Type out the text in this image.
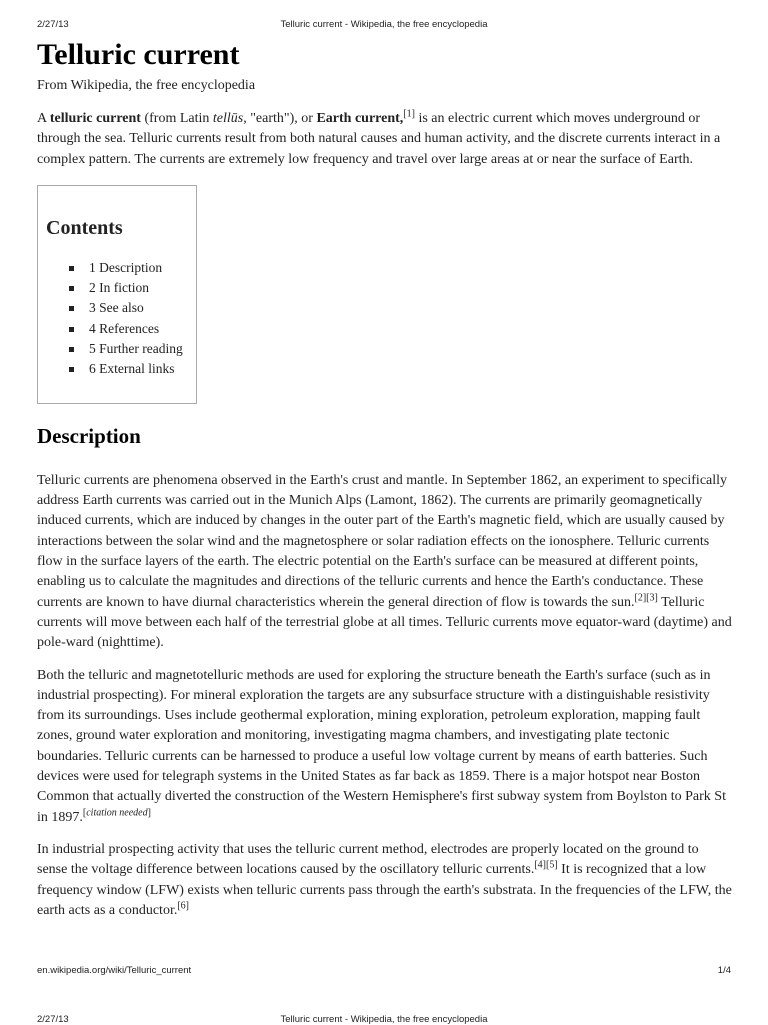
2/27/13	Telluric current - Wikipedia, the free encyclopedia
Telluric current
From Wikipedia, the free encyclopedia

A telluric current (from Latin tellūs, "earth"), or Earth current,[1] is an electric current which moves underground or through the sea. Telluric currents result from both natural causes and human activity, and the discrete currents interact in a complex pattern. The currents are extremely low frequency and travel over large areas at or near the surface of Earth.

Contents
1 Description
2 In fiction
3 See also
4 References
5 Further reading
6 External links
Description

Telluric currents are phenomena observed in the Earth's crust and mantle. In September 1862, an experiment to specifically address Earth currents was carried out in the Munich Alps (Lamont, 1862). The currents are primarily geomagnetically induced currents, which are induced by changes in the outer part of the Earth's magnetic field, which are usually caused by interactions between the solar wind and the magnetosphere or solar radiation effects on the ionosphere. Telluric currents flow in the surface layers of the earth. The electric potential on the Earth's surface can be measured at different points, enabling us to calculate the magnitudes and directions of the telluric currents and hence the Earth's conductance. These currents are known to have diurnal characteristics wherein the general direction of flow is towards the sun.[2][3] Telluric currents will move between each half of the terrestrial globe at all times. Telluric currents move equator-ward (daytime) and pole-ward (nighttime).

Both the telluric and magnetotelluric methods are used for exploring the structure beneath the Earth's surface (such as in industrial prospecting). For mineral exploration the targets are any subsurface structure with a distinguishable resistivity from its surroundings. Uses include geothermal exploration, mining exploration, petroleum exploration, mapping fault zones, ground water exploration and monitoring, investigating magma chambers, and investigating plate tectonic boundaries. Telluric currents can be harnessed to produce a useful low voltage current by means of earth batteries. Such devices were used for telegraph systems in the United States as far back as 1859. There is a major hotspot near Boston Common that actually diverted the construction of the Western Hemisphere's first subway system from Boylston to Park St in 1897.[citation needed]

In industrial prospecting activity that uses the telluric current method, electrodes are properly located on the ground to sense the voltage difference between locations caused by the oscillatory telluric currents.[4][5] It is recognized that a low frequency window (LFW) exists when telluric currents pass through the earth's substrata. In the frequencies of the LFW, the earth acts as a conductor.[6]

en.wikipedia.org/wiki/Telluric_current	1/4
2/27/13	Telluric current - Wikipedia, the free encyclopedia
